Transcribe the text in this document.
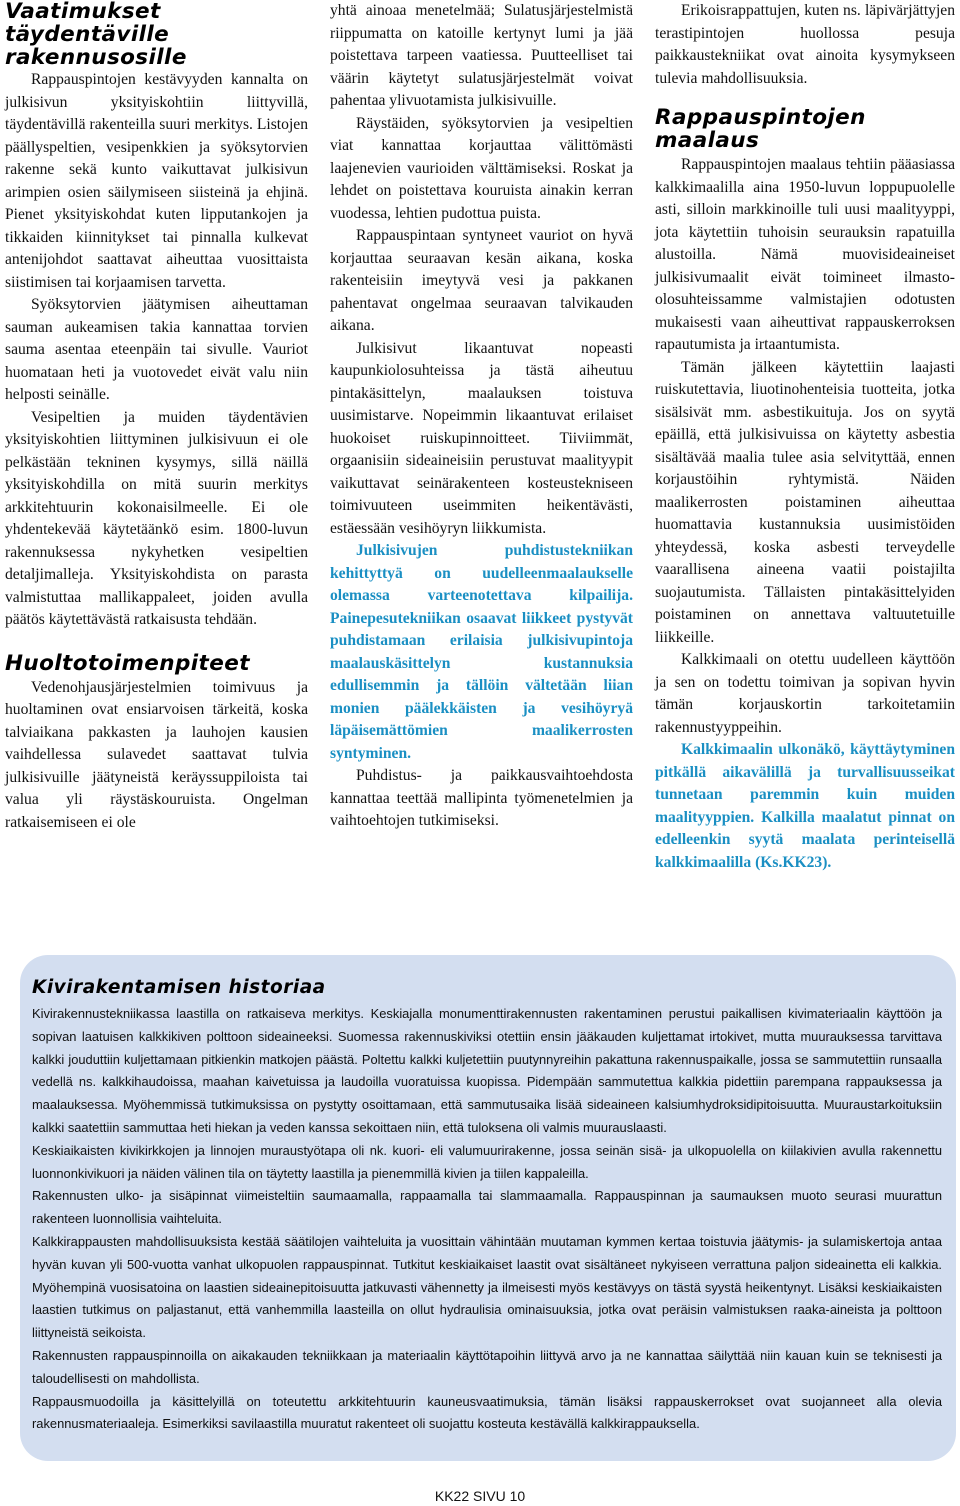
Vaatimukset täydentäville rakennusosille

Rappauspintojen kestävyyden kannalta on julkisivun yksityiskohtiin liittyvillä, täydentävillä rakenteilla suuri merkitys. Listojen päällyspeltien, vesipenkkien ja syöksytorvien rakenne sekä kunto vaikuttavat julkisivun arimpien osien säilymiseen siisteinä ja ehjinä. Pienet yksityiskohdat kuten lipputankojen ja tikkaiden kiinnitykset tai pinnalla kulkevat antenijohdot saattavat aiheuttaa vuosittaista siistimisen tai korjaamisen tarvetta.

Syöksytorvien jäätymisen aiheuttaman sauman aukeamisen takia kannattaa torvien sauma asentaa eteenpäin tai sivulle. Vauriot huomataan heti ja vuotovedet eivät valu niin helposti seinälle.

Vesipeltien ja muiden täydentävien yksityiskohtien liittyminen julkisivuun ei ole pelkästään tekninen kysymys, sillä näillä yksityiskohdilla on mitä suurin merkitys arkkitehtuurin kokonaisilmeelle. Ei ole yhdentekevää käytetäänkö esim. 1800-luvun rakennuksessa nykyhetken vesipeltien detaljimalleja. Yksityiskohdista on parasta valmistuttaa mallikappaleet, joiden avulla päätös käytettävästä ratkaisusta tehdään.

Huoltotoimenpiteet

Vedenohjausjärjestelmien toimivuus ja huoltaminen ovat ensiarvoisen tärkeitä, koska talviaikana pakkasten ja lauhojen kausien vaihdellessa sulavedet saattavat tulvia julkisivuille jäätyneistä keräyssuppiloista tai valua yli räystäskouruista. Ongelman ratkaisemiseen ei ole

yhtä ainoaa menetelmää; Sulatusjärjestelmistä riippumatta on katoille kertynyt lumi ja jää poistettava tarpeen vaatiessa. Puutteelliset tai väärin käytetyt sulatusjärjestelmät voivat pahentaa ylivuotamista julkisivuille.

Räystäiden, syöksytorvien ja vesipeltien viat kannattaa korjauttaa välittömästi laajenevien vaurioiden välttämiseksi. Roskat ja lehdet on poistettava kouruista ainakin kerran vuodessa, lehtien pudottua puista.

Rappauspintaan syntyneet vauriot on hyvä korjauttaa seuraavan kesän aikana, koska rakenteisiin imeytyvä vesi ja pakkanen pahentavat ongelmaa seuraavan talvikauden aikana.

Julkisivut likaantuvat nopeasti kaupunkiolosuhteissa ja tästä aiheutuu pintakäsittelyn, maalauksen toistuva uusimistarve. Nopeimmin likaantuvat erilaiset huokoiset ruiskupinnoitteet. Tiiviimmät, orgaanisiin sideaineisiin perustuvat maalityypit vaikuttavat seinärakenteen kosteustekniseen toimivuuteen useimmiten heikentävästi, estäessään vesihöyryn liikkumista.

Julkisivujen puhdistustekniikan kehittyttyä on uudelleenmaalaukselle olemassa varteenotettava kilpailija. Painepesutekniikan osaavat liikkeet pystyvät puhdistamaan erilaisia julkisivupintoja maalauskäsittelyn kustannuksia edullisemmin ja tällöin vältetään liian monien päälekkäisten ja vesihöyryä läpäisemättömien maalikerrosten syntyminen.

Puhdistus- ja paikkausvaihtoehdosta kannattaa teettää mallipinta työmenetelmien ja vaihtoehtojen tutkimiseksi.

Erikoisrappattujen, kuten ns. läpivärjättyjen terastipintojen huollossa pesuja paikkaustekniikat ovat ainoita kysymykseen tulevia mahdollisuuksia.

Rappauspintojen maalaus

Rappauspintojen maalaus tehtiin pääasiassa kalkkimaalilla aina 1950-luvun loppupuolelle asti, silloin markkinoille tuli uusi maalityyppi, jota käytettiin tuhoisin seurauksin rapatuilla alustoilla. Nämä muovisideaineiset julkisivumaalit eivät toimineet ilmasto-olosuhteissamme valmistajien odotusten mukaisesti vaan aiheuttivat rappauskerroksen rapautumista ja irtaantumista.

Tämän jälkeen käytettiin laajasti ruiskutettavia, liuotinohenteisia tuotteita, jotka sisälsivät mm. asbestikuituja. Jos on syytä epäillä, että julkisivuissa on käytetty asbestia sisältävää maalia tulee asia selvityttää, ennen korjaustöihin ryhtymistä. Näiden maalikerrosten poistaminen aiheuttaa huomattavia kustannuksia uusimistöiden yhteydessä, koska asbesti terveydelle vaarallisena aineena vaatii poistajilta suojautumista. Tällaisten pintakäsittelyiden poistaminen on annettava valtuutetuille liikkeille.

Kalkkimaali on otettu uudelleen käyttöön ja sen on todettu toimivan ja sopivan hyvin tämän korjauskortin tarkoitetamiin rakennustyyppeihin.

Kalkkimaalin ulkonäkö, käyttäytyminen pitkällä aikavälillä ja turvallisuusseikat tunnetaan paremmin kuin muiden maalityyppien. Kalkilla maalatut pinnat on edelleenkin syytä maalata perinteisellä kalkkimaalilla (Ks.KK23).

Kivirakentamisen historiaa

Kivirakennustekniikassa laastilla on ratkaiseva merkitys. Keskiajalla monumenttirakennusten rakentaminen perustui paikallisen kivimateriaalin käyttöön ja sopivan laatuisen kalkkikiven polttoon sideaineeksi. Suomessa rakennuskiviksi otettiin ensin jääkauden kuljettamat irtokivet, mutta muurauksessa tarvittava kalkki jouduttiin kuljettamaan pitkienkin matkojen päästä. Poltettu kalkki kuljetettiin puutynnyreihin pakattuna rakennuspaikalle, jossa se sammutettiin runsaalla vedellä ns. kalkkihaudoissa, maahan kaivetuissa ja laudoilla vuoratuissa kuopissa. Pidempään sammutettua kalkkia pidettiin parempana rappauksessa ja maalauksessa. Myöhemmissä tutkimuksissa on pystytty osoittamaan, että sammutusaika lisää sideaineen kalsiumhydroksidipitoisuutta. Muuraustarkoituksiin kalkki saatettiin sammuttaa heti hiekan ja veden kanssa sekoittaen niin, että tuloksena oli valmis muurauslaasti.

Keskiaikaisten kivikirkkojen ja linnojen muraustyötapa oli nk. kuori- eli valumuurirakenne, jossa seinän sisä- ja ulkopuolella on kiilakivien avulla rakennettu luonnonkivikuori ja näiden välinen tila on täytetty laastilla ja pienemmillä kivien ja tiilen kappaleilla.

Rakennusten ulko- ja sisäpinnat viimeisteltiin saumaamalla, rappaamalla tai slammaamalla. Rappauspinnan ja saumauksen muoto seurasi muurattun rakenteen luonnollisia vaihteluita.

Kalkkirappausten mahdollisuuksista kestää säätilojen vaihteluita ja vuosittain vähintään muutaman kymmen kertaa toistuvia jäätymis- ja sulamiskertoja antaa hyvän kuvan yli 500-vuotta vanhat ulkopuolen rappauspinnat. Tutkitut keskiaikaiset laastit ovat sisältäneet nykyiseen verrattuna paljon sideainetta eli kalkkia. Myöhempinä vuosisatoina on laastien sideainepitoisuutta jatkuvasti vähennetty ja ilmeisesti myös kestävyys on tästä syystä heikentynyt. Lisäksi keskiaikaisten laastien tutkimus on paljastanut, että vanhemmilla laasteilla on ollut hydraulisia ominaisuuksia, jotka ovat peräisin valmistuksen raaka-aineista ja polttoon liittyneistä seikoista.

Rakennusten rappauspinnoilla on aikakauden tekniikkaan ja materiaalin käyttötapoihin liittyvä arvo ja ne kannattaa säilyttää niin kauan kuin se teknisesti ja taloudellisesti on mahdollista.

Rappausmuodoilla ja käsittelyillä on toteutettu arkkitehtuurin kauneusvaatimuksia, tämän lisäksi rappauskerrokset ovat suojanneet alla olevia rakennusmateriaaleja. Esimerkiksi savilaastilla muuratut rakenteet oli suojattu kosteuta kestävällä kalkkirappauksella.

KK22 SIVU 10
